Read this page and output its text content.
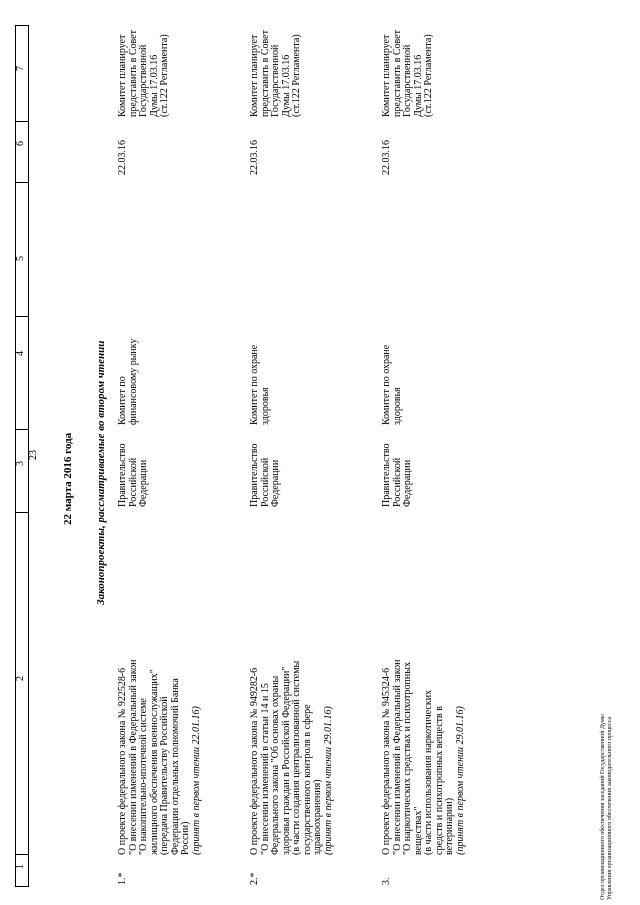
23
1
2
3
4
5
6
7
22 марта 2016 года Законопроекты, рассматриваемые во втором чтении
1.*
О проекте федерального закона № 922528-6 "О внесении изменений в Федеральный закон "О накопительно-ипотечной системе жилищного обеспечения военнослужащих" (передача Правительству Российской Федерации отдельных полномочий Банка России) (принят в первом чтении 22.01.16)
Правительство Российской Федерации
Комитет по финансовому рынку
22.03.16
Комитет планирует представить в Совет Государственной Думы 17.03.16 (ст.122 Регламента)
2.*
О проекте федерального закона № 949282-6 "О внесении изменений в статьи 14 и 15 Федерального закона "Об основах охраны здоровья граждан в Российской Федерации" (в части создания централизованной системы государственного контроля в сфере здравоохранения) (принят в первом чтении 29.01.16)
Правительство Российской Федерации
Комитет по охране здоровья
22.03.16
Комитет планирует представить в Совет Государственной Думы 17.03.16 (ст.122 Регламента)
3.
О проекте федерального закона № 945324-6 "О внесении изменений в Федеральный закон "О наркотических средствах и психотропных веществах" (в части использования наркотических средств и психотропных веществ в ветеринарии) (принят в первом чтении 29.01.16)
Правительство Российской Федерации
Комитет по охране здоровья
22.03.16
Комитет планирует представить в Совет Государственной Думы 17.03.16 (ст.122 Регламента)
Отдел организационного обеспечения заседаний Государственной Думы Управления организационного обеспечения законодательного процесса
